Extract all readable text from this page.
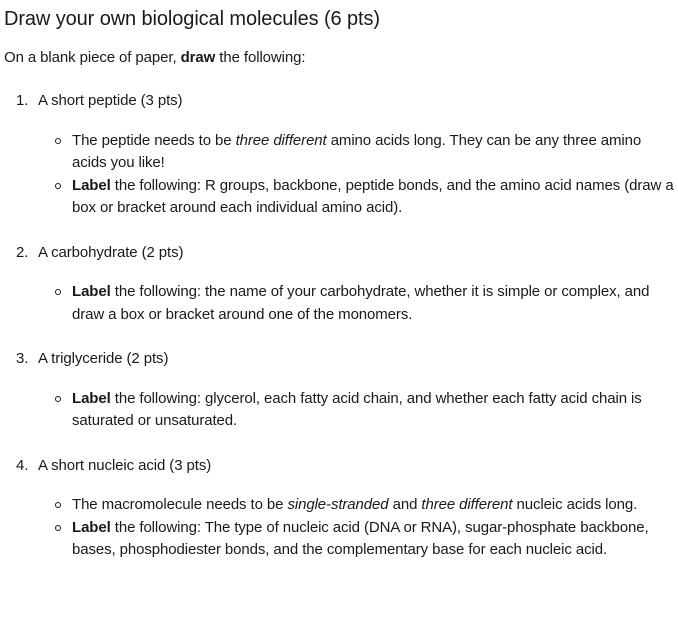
Draw your own biological molecules (6 pts)

On a blank piece of paper, draw the following:

1. A short peptide (3 pts)

The peptide needs to be three different amino acids long. They can be any three amino acids you like!
Label the following: R groups, backbone, peptide bonds, and the amino acid names (draw a box or bracket around each individual amino acid).

2. A carbohydrate (2 pts)

Label the following: the name of your carbohydrate, whether it is simple or complex, and draw a box or bracket around one of the monomers.

3. A triglyceride (2 pts)

Label the following: glycerol, each fatty acid chain, and whether each fatty acid chain is saturated or unsaturated.

4. A short nucleic acid (3 pts)

The macromolecule needs to be single-stranded and three different nucleic acids long.
Label the following: The type of nucleic acid (DNA or RNA), sugar-phosphate backbone, bases, phosphodiester bonds, and the complementary base for each nucleic acid.
